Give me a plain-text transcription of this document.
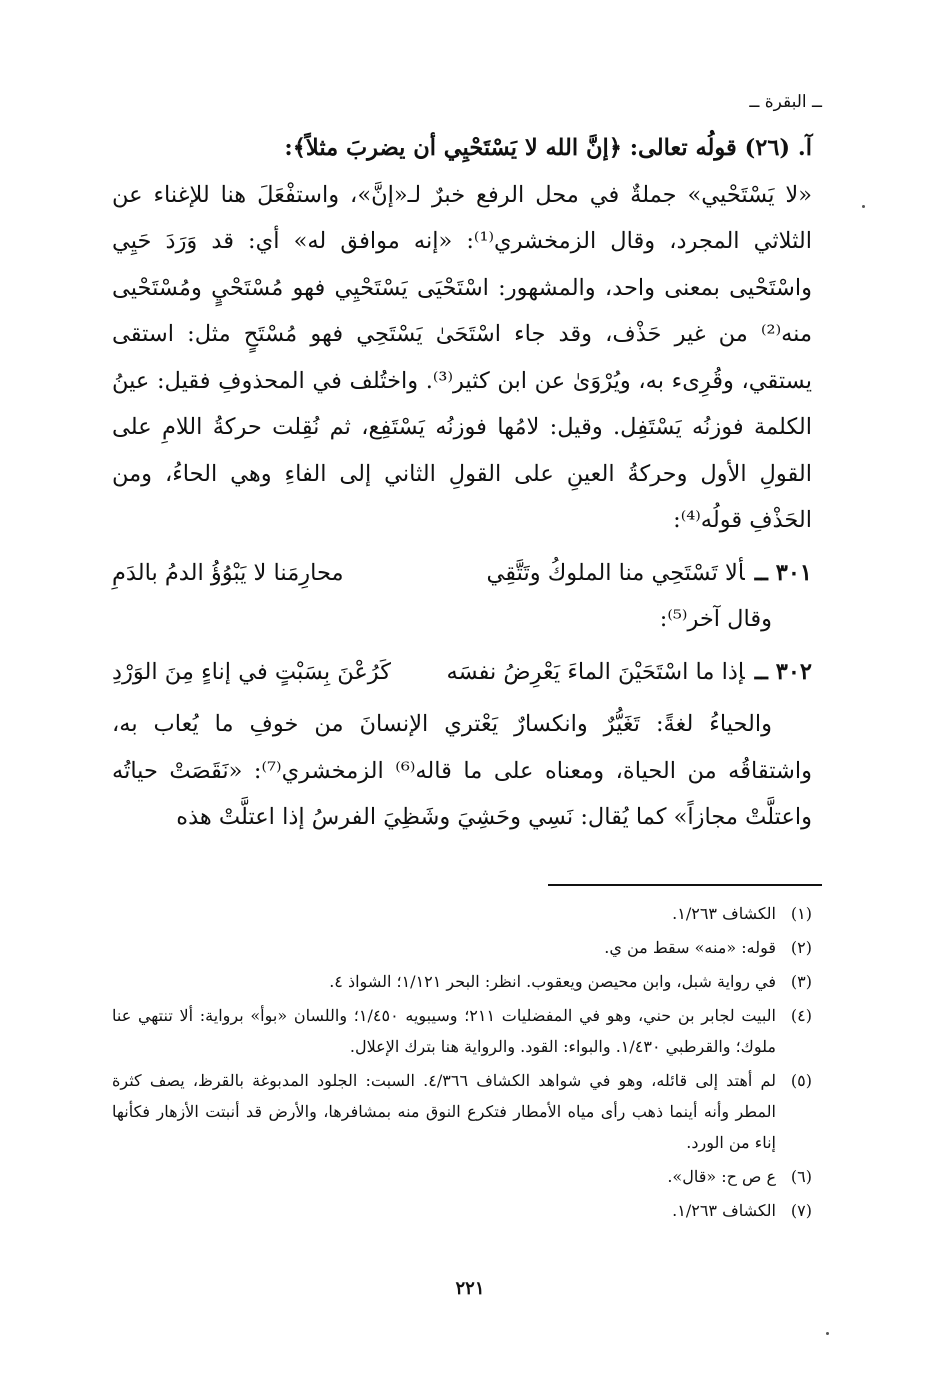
ــ البقرة ــ

آ. (٢٦) قولُه تعالى: ﴿إنَّ الله لا يَسْتَحْيِي أن يضربَ مثلاً﴾:

«لا يَسْتَحْيي» جملةٌ في محل الرفع خبرٌ لـ«إنَّ»، واستفْعَلَ هنا للإغناء عن الثلاثي المجرد، وقال الزمخشري⁽¹⁾: «إنه موافق له» أي: قد وَرَدَ حَيِي واسْتَحْيى بمعنى واحد، والمشهور: اسْتَحْيَى يَسْتَحْيِي فهو مُسْتَحْيٍ ومُسْتَحْيى منه⁽²⁾ من غير حَذْف، وقد جاء اسْتَحَىٰ يَسْتَحِي فهو مُسْتَحٍ مثل: استقى يستقي، وقُرِىء به، ويُرْوَىٰ عن ابن كثير⁽³⁾. واختُلف في المحذوفِ فقيل: عينُ الكلمة فوزنُه يَسْتَفِل. وقيل: لامُها فوزنُه يَسْتَفِع، ثم نُقِلت حركةُ اللامِ على القولِ الأول وحركةُ العينِ على القولِ الثاني إلى الفاءِ وهي الحاءُ، ومن الحَذْفِ قولُه⁽⁴⁾:

٣٠١ ــألا تَسْتَحِي منا الملوكُ وتَتَّقِي
محارِمَنا لا يَبْوُؤُ الدمُ بالدَمِ

وقال آخر⁽⁵⁾:

٣٠٢ ــإذا ما اسْتَحَيْنَ الماءَ يَعْرِضُ نفسَه
كَرُعْنَ بِسَبْتٍ في إناءٍ مِنَ الوَرْدِ

والحياءُ لغةً: تَغَيُّرٌ وانكسارٌ يَعْتري الإنسانَ من خوفِ ما يُعاب به، واشتقاقُه من الحياة، ومعناه على ما قاله⁽⁶⁾ الزمخشري⁽⁷⁾: «نَقَصَتْ حياتُه واعتلَّتْ مجازاً» كما يُقال: نَسِي وحَشِيَ وشَظِيَ الفرسُ إذا اعتلَّتْ هذه

(١)
الكشاف ١/٢٦٣.
(٢)
قوله: «منه» سقط من ي.
(٣)
في رواية شبل، وابن محيصن ويعقوب. انظر: البحر ١/١٢١؛ الشواذ ٤.
(٤)
البيت لجابر بن حني، وهو في المفضليات ٢١١؛ وسيبويه ١/٤٥٠؛ واللسان «بوأ» برواية: ألا تنتهي عنا ملوك؛ والقرطبي ١/٤٣٠. والبواء: القود. والرواية هنا بترك الإعلال.
(٥)
لم أهتد إلى قائله، وهو في شواهد الكشاف ٤/٣٦٦. السبت: الجلود المدبوغة بالقرظ، يصف كثرة المطر وأنه أينما ذهب رأى مياه الأمطار فتكرع النوق منه بمشافرها، والأرض قد أنبتت الأزهار فكأنها إناء من الورد.
(٦)
ع ص ح: «قال».
(٧)
الكشاف ١/٢٦٣.
٢٢١
